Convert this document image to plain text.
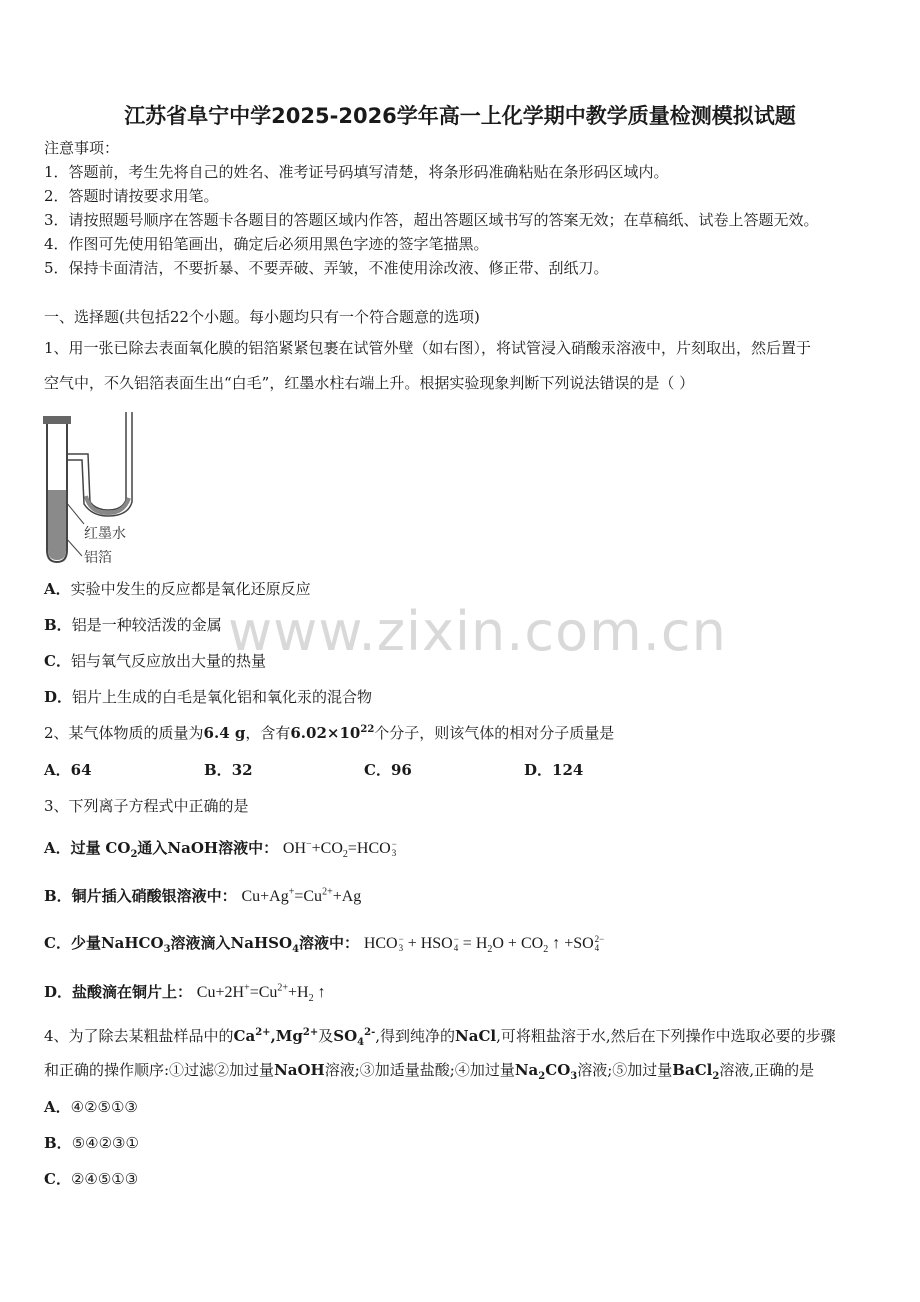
江苏省阜宁中学2025-2026学年高一上化学期中教学质量检测模拟试题
注意事项：
1．答题前，考生先将自己的姓名、准考证号码填写清楚，将条形码准确粘贴在条形码区域内。
2．答题时请按要求用笔。
3．请按照题号顺序在答题卡各题目的答题区域内作答，超出答题区域书写的答案无效；在草稿纸、试卷上答题无效。
4．作图可先使用铅笔画出，确定后必须用黑色字迹的签字笔描黑。
5．保持卡面清洁，不要折暴、不要弄破、弄皱，不准使用涂改液、修正带、刮纸刀。
一、选择题(共包括22个小题。每小题均只有一个符合题意的选项)
1、用一张已除去表面氧化膜的铝箔紧紧包裹在试管外壁（如右图），将试管浸入硝酸汞溶液中，片刻取出，然后置于
空气中，不久铝箔表面生出“白毛”，红墨水柱右端上升。根据实验现象判断下列说法错误的是（ ）
红墨水
铝箔
A．实验中发生的反应都是氧化还原反应
B．铝是一种较活泼的金属
C．铝与氧气反应放出大量的热量
D．铝片上生成的白毛是氧化铝和氧化汞的混合物
www.zixin.com.cn
2、某气体物质的质量为6.4 g，含有$6.02\times 10^{22}$个分子，则该气体的相对分子质量是
A．64	B．32	C．96	D．124
3、下列离子方程式中正确的是
A．过量 $CO_2$通入NaOH溶液中： $OH^-+CO_2=HCO-$
3
B．铜片插入硝酸银溶液中： $Cu+Ag^+=Cu^{2+}+Ag$
C．少量NaHCO$_3$溶液滴入NaHSO$_4$溶液中： HCO−
3 + HSO−
$4 = H_2O + CO_2$ ↑ +SO2−
4
D．盐酸滴在铜片上： $Cu+2H^+=Cu^{2+}+H_2$ ↑
4、为了除去某粗盐样品中的$Ca^{2+},Mg^{2+}$及$SO_4^{2-}$,得到纯净的NaCl,可将粗盐溶于水,然后在下列操作中选取必要的步骤
和正确的操作顺序:①过滤②加过量NaOH溶液;③加适量盐酸;④加过量$Na_2CO_3$溶液;⑤加过量BaCl$_2$溶液,正确的是
A．④②⑤①③
B．⑤④②③①
C．②④⑤①③
